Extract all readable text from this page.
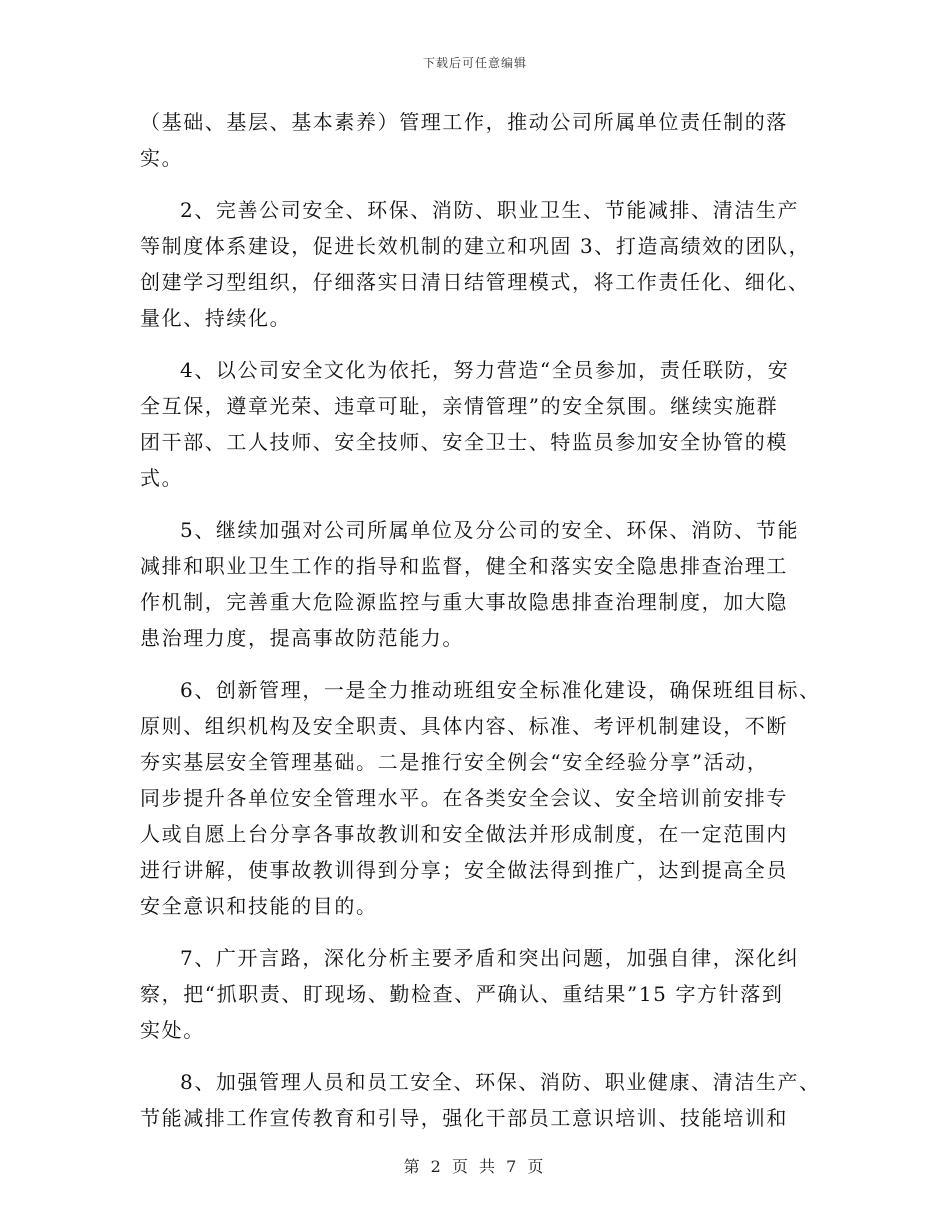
下载后可任意编辑
（基础、基层、基本素养）管理工作，推动公司所属单位责任制的落
实。
2、完善公司安全、环保、消防、职业卫生、节能减排、清洁生产
等制度体系建设，促进长效机制的建立和巩固 3、打造高绩效的团队，
创建学习型组织，仔细落实日清日结管理模式，将工作责任化、细化、
量化、持续化。
4、以公司安全文化为依托，努力营造“全员参加，责任联防，安
全互保，遵章光荣、违章可耻，亲情管理”的安全氛围。继续实施群
团干部、工人技师、安全技师、安全卫士、特监员参加安全协管的模
式。
5、继续加强对公司所属单位及分公司的安全、环保、消防、节能
减排和职业卫生工作的指导和监督，健全和落实安全隐患排查治理工
作机制，完善重大危险源监控与重大事故隐患排查治理制度，加大隐
患治理力度，提高事故防范能力。
6、创新管理，一是全力推动班组安全标准化建设，确保班组目标、
原则、组织机构及安全职责、具体内容、标准、考评机制建设，不断
夯实基层安全管理基础。二是推行安全例会“安全经验分享”活动，
同步提升各单位安全管理水平。在各类安全会议、安全培训前安排专
人或自愿上台分享各事故教训和安全做法并形成制度，在一定范围内
进行讲解，使事故教训得到分享；安全做法得到推广，达到提高全员
安全意识和技能的目的。
7、广开言路，深化分析主要矛盾和突出问题，加强自律，深化纠
察，把“抓职责、盯现场、勤检查、严确认、重结果”15 字方针落到
实处。
8、加强管理人员和员工安全、环保、消防、职业健康、清洁生产、
节能减排工作宣传教育和引导，强化干部员工意识培训、技能培训和
第 2 页 共 7 页
